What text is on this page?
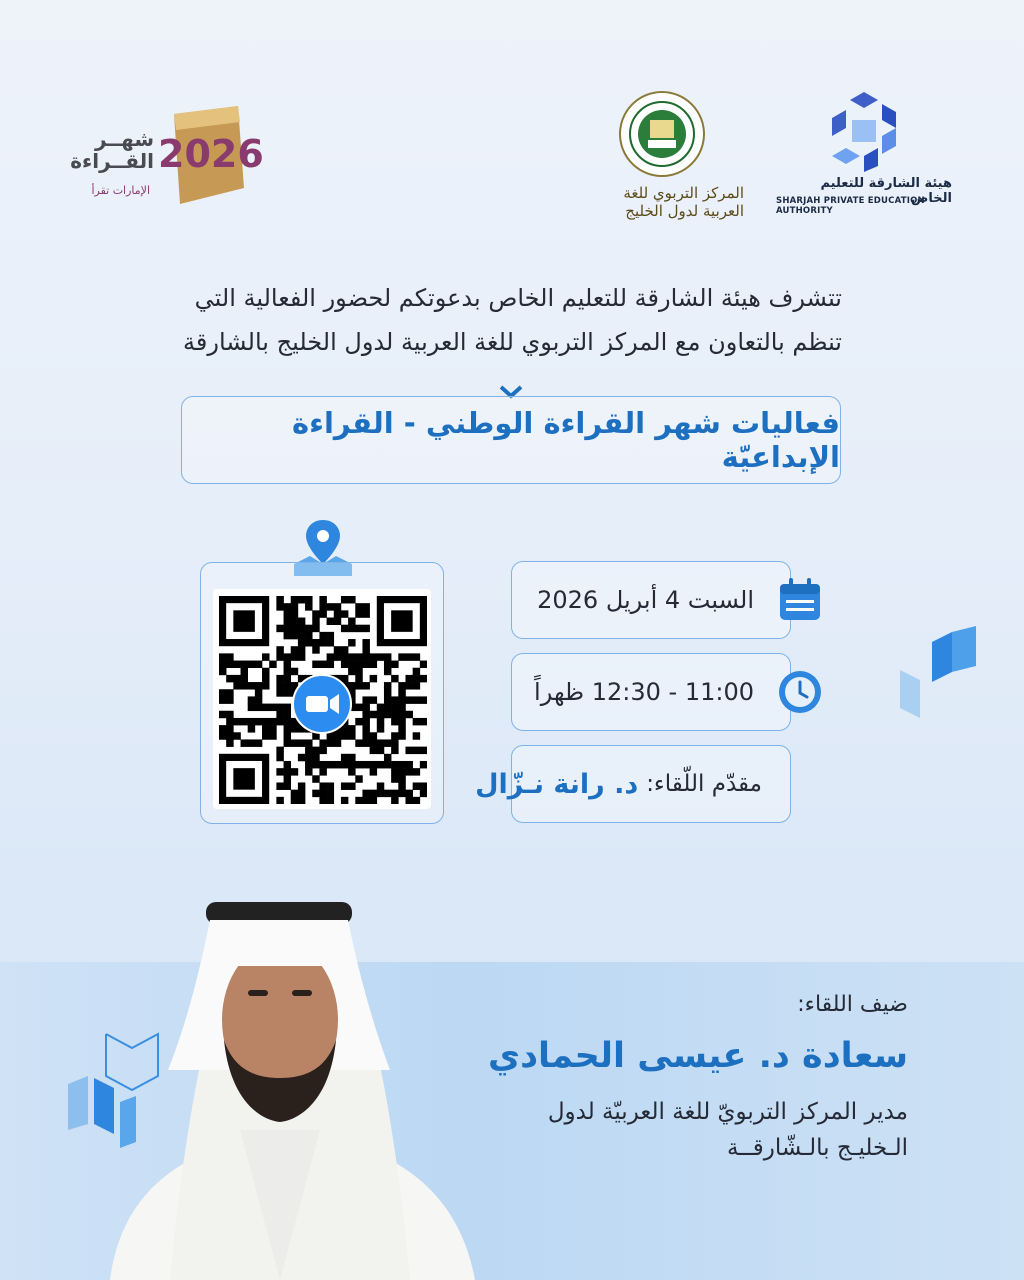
هيئة الشارقة للتعليم الخاص
SHARJAH PRIVATE EDUCATION AUTHORITY
المركز التربوي للغة العربية لدول الخليج
2026
شهــر القــراءة
الإمارات تقرأ
تتشرف هيئة الشارقة للتعليم الخاص بدعوتكم لحضور الفعالية التي
تنظم بالتعاون مع المركز التربوي للغة العربية لدول الخليج بالشارقة
فعاليات شهر القراءة الوطني - القراءة الإبداعيّة
السبت 4 أبريل 2026
11:00 - 12:30 ظهراً
مقدّم اللّقاء:
د. رانة نـزّال
ضيف اللقاء:
سعادة د. عيسى الحمادي
مدير المركز التربويّ للغة العربيّة لدول
الـخليـج بالـشّارقــة
